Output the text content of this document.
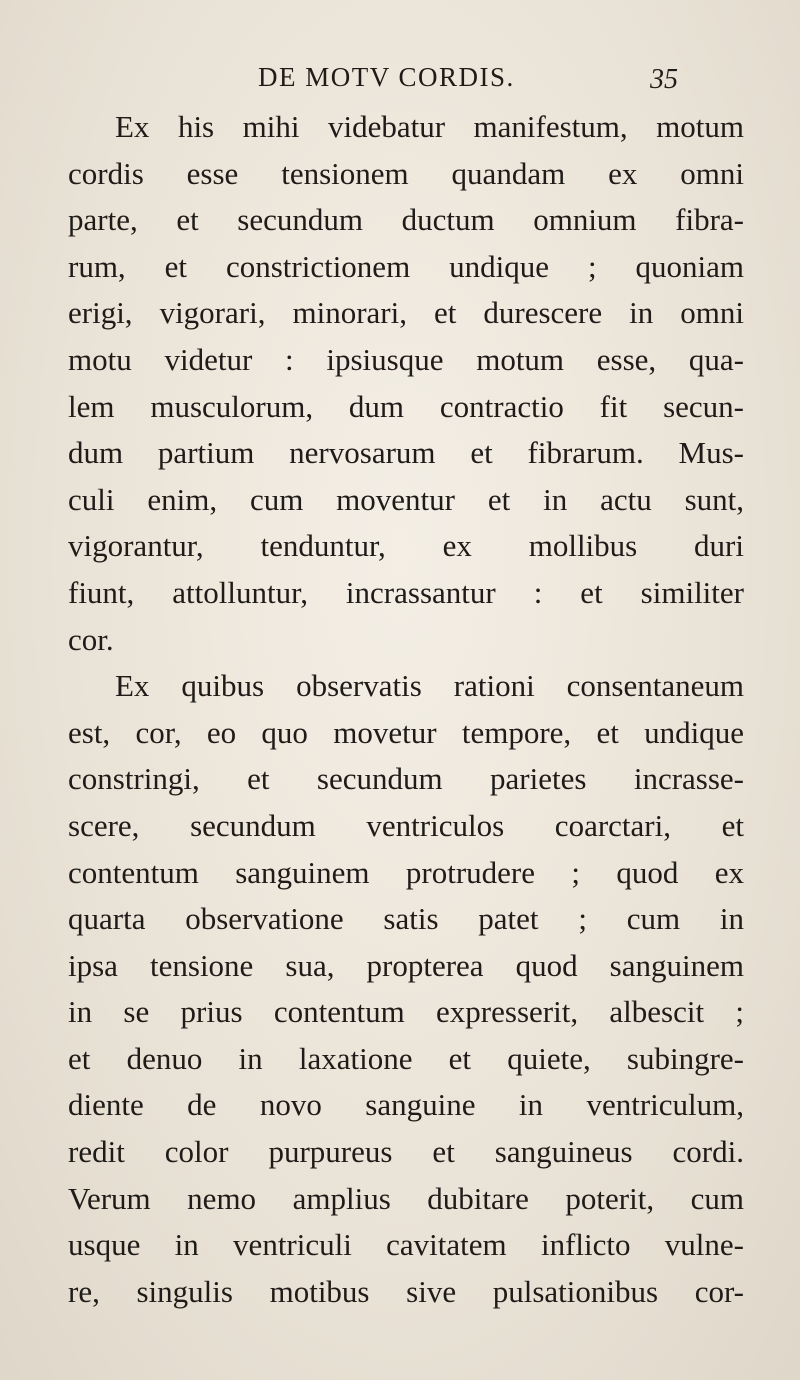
DE MOTV CORDIS.	35
Ex his mihi videbatur manifestum, motum
cordis esse tensionem quandam ex omni
parte, et secundum ductum omnium fibra-
rum, et constrictionem undique ; quoniam
erigi, vigorari, minorari, et durescere in omni
motu videtur : ipsiusque motum esse, qua-
lem musculorum, dum contractio fit secun-
dum partium nervosarum et fibrarum. Mus-
culi enim, cum moventur et in actu sunt,
vigorantur, tenduntur, ex mollibus duri
fiunt, attolluntur, incrassantur : et similiter
cor.
Ex quibus observatis rationi consentaneum
est, cor, eo quo movetur tempore, et undique
constringi, et secundum parietes incrasse-
scere, secundum ventriculos coarctari, et
contentum sanguinem protrudere ; quod ex
quarta observatione satis patet ; cum in
ipsa tensione sua, propterea quod sanguinem
in se prius contentum expresserit, albescit ;
et denuo in laxatione et quiete, subingre-
diente de novo sanguine in ventriculum,
redit color purpureus et sanguineus cordi.
Verum nemo amplius dubitare poterit, cum
usque in ventriculi cavitatem inflicto vulne-
re, singulis motibus sive pulsationibus cor-
